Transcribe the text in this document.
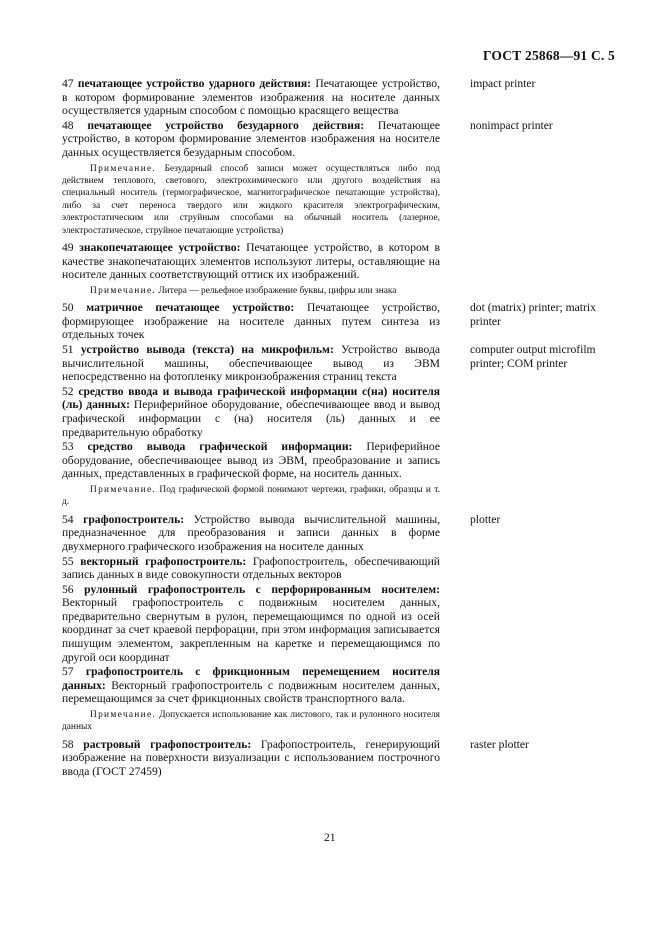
ГОСТ 25868—91 С. 5
47 печатающее устройство ударного действия: Печатающее устройство, в котором формирование элементов изображения на носителе данных осуществляется ударным способом с помощью красящего вещества
impact printer
48 печатающее устройство безударного действия: Печатающее устройство, в котором формирование элементов изображения на носителе данных осуществляется безударным способом.
nonimpact printer
Примечание. Безударный способ записи может осуществляться либо под действием теплового, светового, электрохимического или другого воздействия на специальный носитель (термографическое, магнитографическое печатающие устройства), либо за счет переноса твердого или жидкого красителя электрографическим, электростатическим или струйным способами на обычный носитель (лазерное, электростатическое, струйное печатающие устройства)
49 знакопечатающее устройство: Печатающее устройство, в котором в качестве знакопечатающих элементов используют литеры, оставляющие на носителе данных соответствующий оттиск их изображений.
Примечание. Литера — рельефное изображение буквы, цифры или знака
50 матричное печатающее устройство: Печатающее устройство, формирующее изображение на носителе данных путем синтеза из отдельных точек
dot (matrix) printer; matrix printer
51 устройство вывода (текста) на микрофильм: Устройство вывода вычислительной машины, обеспечивающее вывод из ЭВМ непосредственно на фотопленку микроизображения страниц текста
computer output microfilm printer; COM printer
52 средство ввода и вывода графической информации с(на) носителя (ль) данных: Периферийное оборудование, обеспечивающее ввод и вывод графической информации с (на) носителя (ль) данных и ее предварительную обработку
53 средство вывода графической информации: Периферийное оборудование, обеспечивающее вывод из ЭВМ, преобразование и запись данных, представленных в графической форме, на носитель данных.
Примечание. Под графической формой понимают чертежи, графики, образцы и т. д.
54 графопостроитель: Устройство вывода вычислительной машины, предназначенное для преобразования и записи данных в форме двухмерного графического изображения на носителе данных
plotter
55 векторный графопостроитель: Графопостроитель, обеспечивающий запись данных в виде совокупности отдельных векторов
56 рулонный графопостроитель с перфорированным носителем: Векторный графопостроитель с подвижным носителем данных, предварительно свернутым в рулон, перемещающимся по одной из осей координат за счет краевой перфорации, при этом информация записывается пишущим элементом, закрепленным на каретке и перемещающимся по другой оси координат
57 графопостроитель с фрикционным перемещением носителя данных: Векторный графопостроитель с подвижным носителем данных, перемещающимся за счет фрикционных свойств транспортного вала.
Примечание. Допускается использование как листового, так и рулонного носителя данных
58 растровый графопостроитель: Графопостроитель, генерирующий изображение на поверхности визуализации с использованием построчного ввода (ГОСТ 27459)
raster plotter
21
